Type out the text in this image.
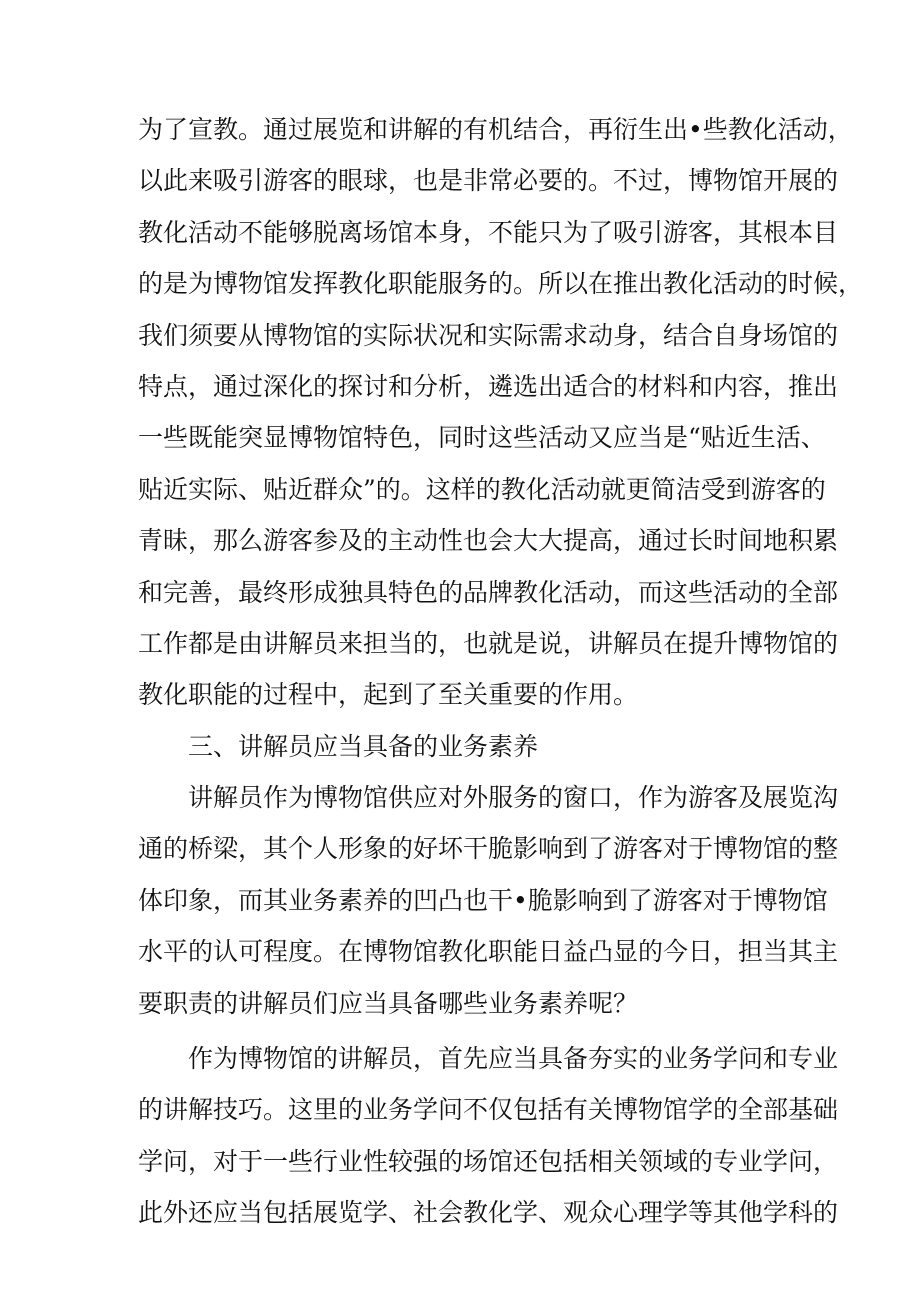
为了宣教。通过展览和讲解的有机结合，再衍生出•些教化活动，
以此来吸引游客的眼球，也是非常必要的。不过，博物馆开展的
教化活动不能够脱离场馆本身，不能只为了吸引游客，其根本目
的是为博物馆发挥教化职能服务的。所以在推出教化活动的时候，
我们须要从博物馆的实际状况和实际需求动身，结合自身场馆的
特点，通过深化的探讨和分析，遴选出适合的材料和内容，推出
一些既能突显博物馆特色，同时这些活动又应当是“贴近生活、
贴近实际、贴近群众”的。这样的教化活动就更简洁受到游客的
青昧，那么游客参及的主动性也会大大提高，通过长时间地积累
和完善，最终形成独具特色的品牌教化活动，而这些活动的全部
工作都是由讲解员来担当的，也就是说，讲解员在提升博物馆的
教化职能的过程中，起到了至关重要的作用。
三、讲解员应当具备的业务素养
讲解员作为博物馆供应对外服务的窗口，作为游客及展览沟
通的桥梁，其个人形象的好坏干脆影响到了游客对于博物馆的整
体印象，而其业务素养的凹凸也干•脆影响到了游客对于博物馆
水平的认可程度。在博物馆教化职能日益凸显的今日，担当其主
要职责的讲解员们应当具备哪些业务素养呢？
作为博物馆的讲解员，首先应当具备夯实的业务学问和专业
的讲解技巧。这里的业务学问不仅包括有关博物馆学的全部基础
学问，对于一些行业性较强的场馆还包括相关领域的专业学问，
此外还应当包括展览学、社会教化学、观众心理学等其他学科的
